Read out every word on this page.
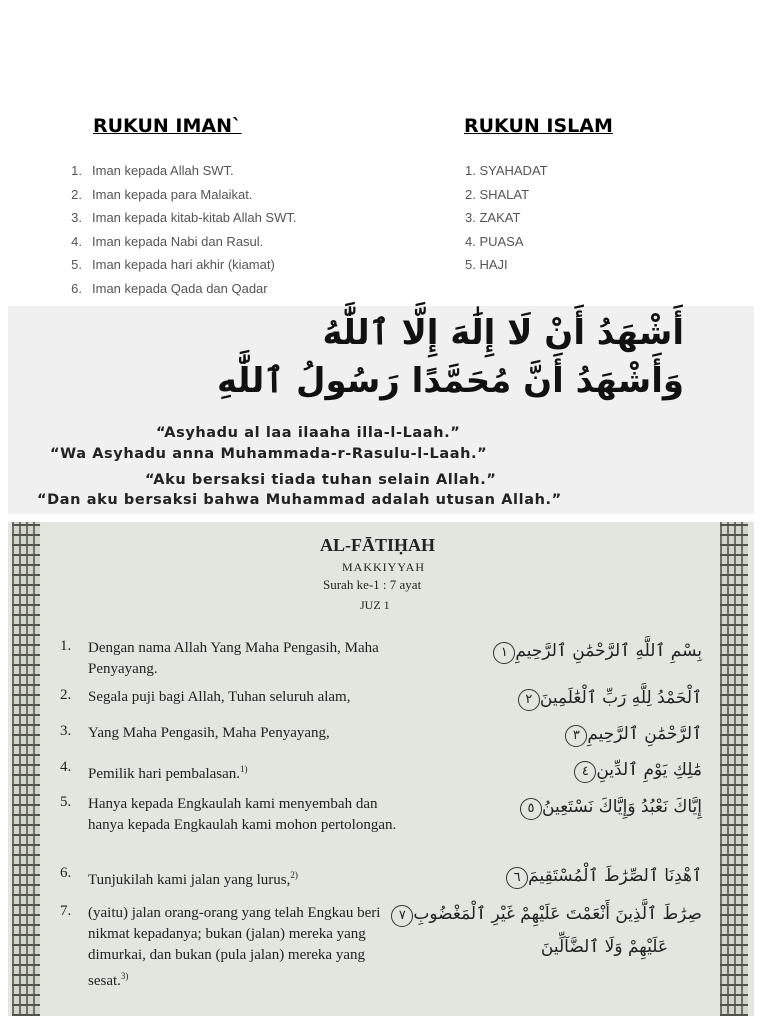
RUKUN IMAN`
1. Iman kepada Allah SWT.
2. Iman kepada para Malaikat.
3. Iman kepada kitab-kitab Allah SWT.
4. Iman kepada Nabi dan Rasul.
5. Iman kepada hari akhir (kiamat)
6. Iman kepada Qada dan Qadar
RUKUN ISLAM
1. SYAHADAT
2. SHALAT
3. ZAKAT
4. PUASA
5. HAJI
أَشْهَدُ أَنْ لَا إِلَٰهَ إِلَّا ٱللَّٰهُ
وَأَشْهَدُ أَنَّ مُحَمَّدًا رَسُولُ ٱللَّٰهِ
“Asyhadu al laa ilaaha illa-l-Laah.”
“Wa Asyhadu anna Muhammada-r-Rasulu-l-Laah.”
“Aku bersaksi tiada tuhan selain Allah.”
“Dan aku bersaksi bahwa Muhammad adalah utusan Allah.”
AL-FĀTIḤAH
MAKKIYYAH
Surah ke-1 : 7 ayat
JUZ 1
1. Dengan nama Allah Yang Maha Pengasih, Maha Penyayang.
بِسْمِ ٱللَّهِ ٱلرَّحْمَٰنِ ٱلرَّحِيمِ١
2. Segala puji bagi Allah, Tuhan seluruh alam,	ٱلْحَمْدُ لِلَّهِ رَبِّ ٱلْعَٰلَمِينَ٢
3. Yang Maha Pengasih, Maha Penyayang,	ٱلرَّحْمَٰنِ ٱلرَّحِيمِ٣
4. Pemilik hari pembalasan.$^{1)}$	مَٰلِكِ يَوْمِ ٱلدِّينِ٤
5. Hanya kepada Engkaulah kami menyembah dan hanya kepada Engkaulah kami mohon pertolongan.
إِيَّاكَ نَعْبُدُ وَإِيَّاكَ نَسْتَعِينُ٥
6. Tunjukilah kami jalan yang lurus,$^{2)}$	ٱهْدِنَا ٱلصِّرَٰطَ ٱلْمُسْتَقِيمَ٦
7. (yaitu) jalan orang-orang yang telah Engkau beri nikmat kepadanya; bukan (jalan) mereka yang dimurkai, dan bukan (pula jalan) mereka yang sesat.$^{3)}$
صِرَٰطَ ٱلَّذِينَ أَنْعَمْتَ عَلَيْهِمْ غَيْرِ ٱلْمَغْضُوبِ٧
عَلَيْهِمْ وَلَا ٱلضَّآلِّينَ
